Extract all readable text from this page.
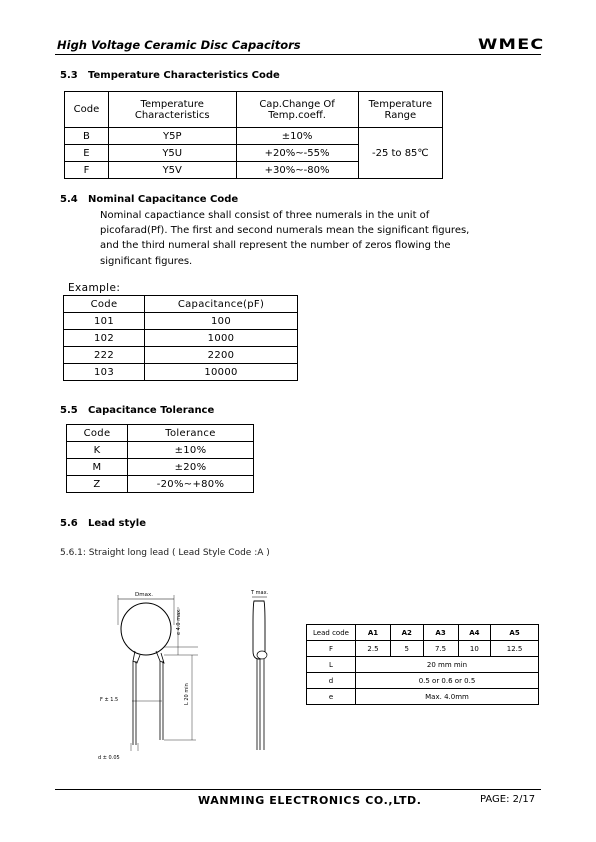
High Voltage Ceramic Disc Capacitors	WMEC
5.3 Temperature Characteristics Code
Code	Temperature Characteristics	Cap.Change Of Temp.coeff.	Temperature Range
B	Y5P	±10%	-25 to 85℃
E	Y5U	+20%~-55%	
F	Y5V	+30%~-80%	
5.4 Nominal Capacitance Code
Nominal capactiance shall consist of three numerals in the unit of
picofarad(Pf). The first and second numerals mean the significant figures,
and the third numeral shall represent the number of zeros flowing the
significant figures.
Example:
Code	Capacitance(pF)
101	100
102	1000
222	2200
103	10000
5.5 Capacitance Tolerance
Code	Tolerance
K	±10%
M	±20%
Z	-20%~+80%
5.6 Lead style
5.6.1: Straight long lead ( Lead Style Code :A )
Dmax.
e 4.0 max.
L 20 min
F ± 1.5
d ± 0.05
T max.
Lead code	A1	A2	A3	A4	A5
F	2.5	5	7.5	10	12.5
L	20 mm min				
d	0.5 or 0.6 or 0.5				
e	Max. 4.0mm				
WANMING ELECTRONICS CO.,LTD.	PAGE: 2/17
